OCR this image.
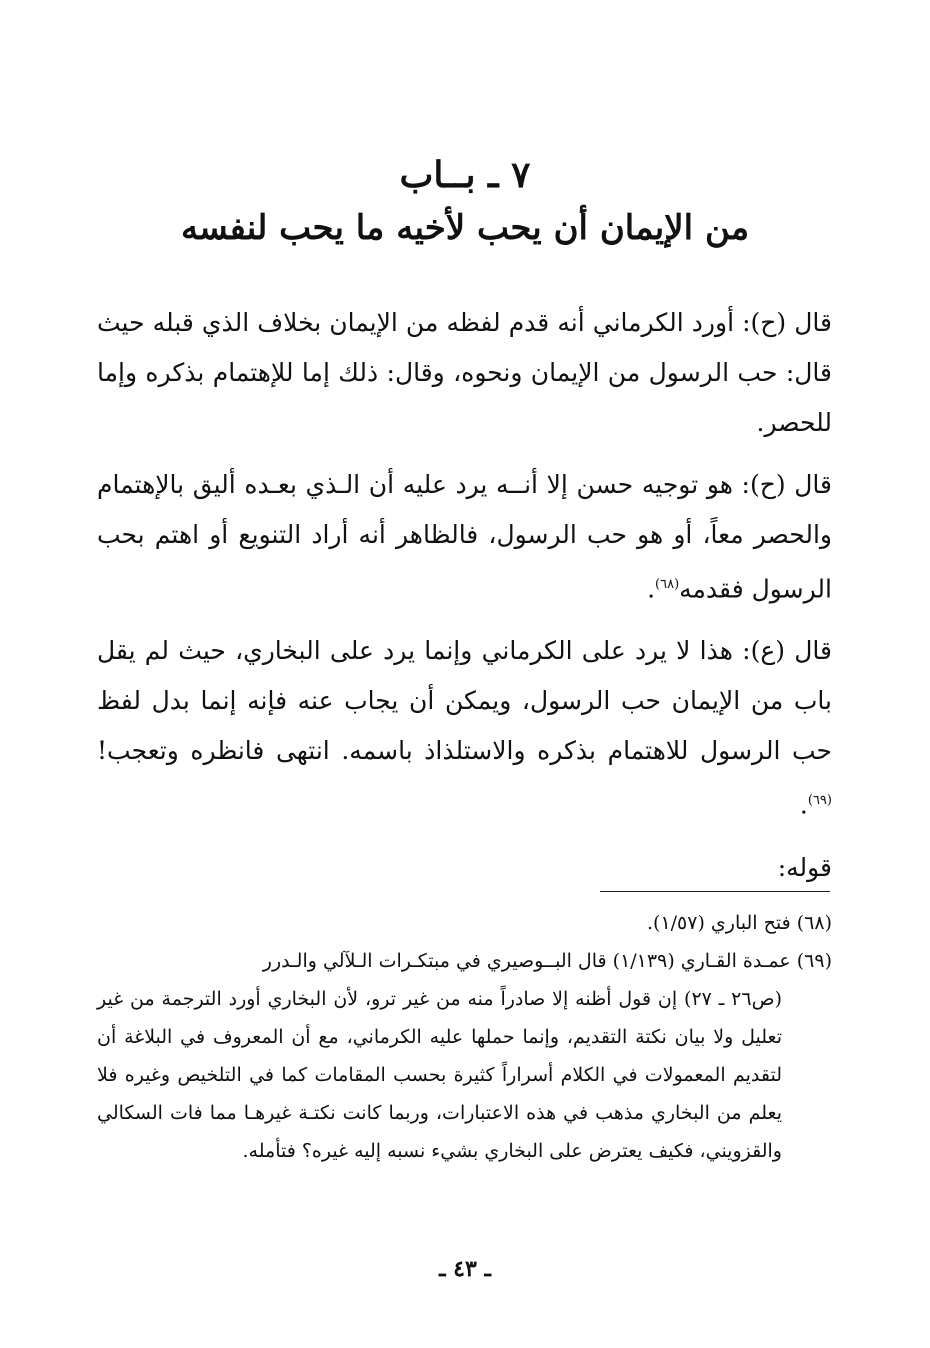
٧ ـ بــاب
من الإيمان أن يحب لأخيه ما يحب لنفسه

قال (ح): أورد الكرماني أنه قدم لفظه من الإيمان بخلاف الذي قبله حيث قال: حب الرسول من الإيمان ونحوه، وقال: ذلك إما للإهتمام بذكره وإما للحصر.

قال (ح): هو توجيه حسن إلا أنــه يرد عليه أن الـذي بعـده أليق بالإهتمام والحصر معاً، أو هو حب الرسول، فالظاهر أنه أراد التنويع أو اهتم بحب الرسول فقدمه$^{(٦٨)}$.

قال (ع): هذا لا يرد على الكرماني وإنما يرد على البخاري، حيث لم يقل باب من الإيمان حب الرسول، ويمكن أن يجاب عنه فإنه إنما بدل لفظ حب الرسول للاهتمام بذكره والاستلذاذ باسمه. انتهى فانظره وتعجب!$^{(٦٩)}$.

قوله:

(٦٨) فتح الباري (١/٥٧).

(٦٩) عمـدة القـاري (١/١٣٩) قال البــوصيري في مبتكـرات الـلآلي والـدرر

(ص٢٦ ـ ٢٧) إن قول أظنه إلا صادراً منه من غير ترو، لأن البخاري أورد الترجمة من غير تعليل ولا بيان نكتة التقديم، وإنما حملها عليه الكرماني، مع أن المعروف في البلاغة أن لتقديم المعمولات في الكلام أسراراً كثيرة بحسب المقامات كما في التلخيص وغيره فلا يعلم من البخاري مذهب في هذه الاعتبارات، وربما كانت نكتـة غيرهـا مما فات السكالي والقزويني، فكيف يعترض على البخاري بشيء نسبه إليه غيره؟ فتأمله.

ـ ٤٣ ـ
